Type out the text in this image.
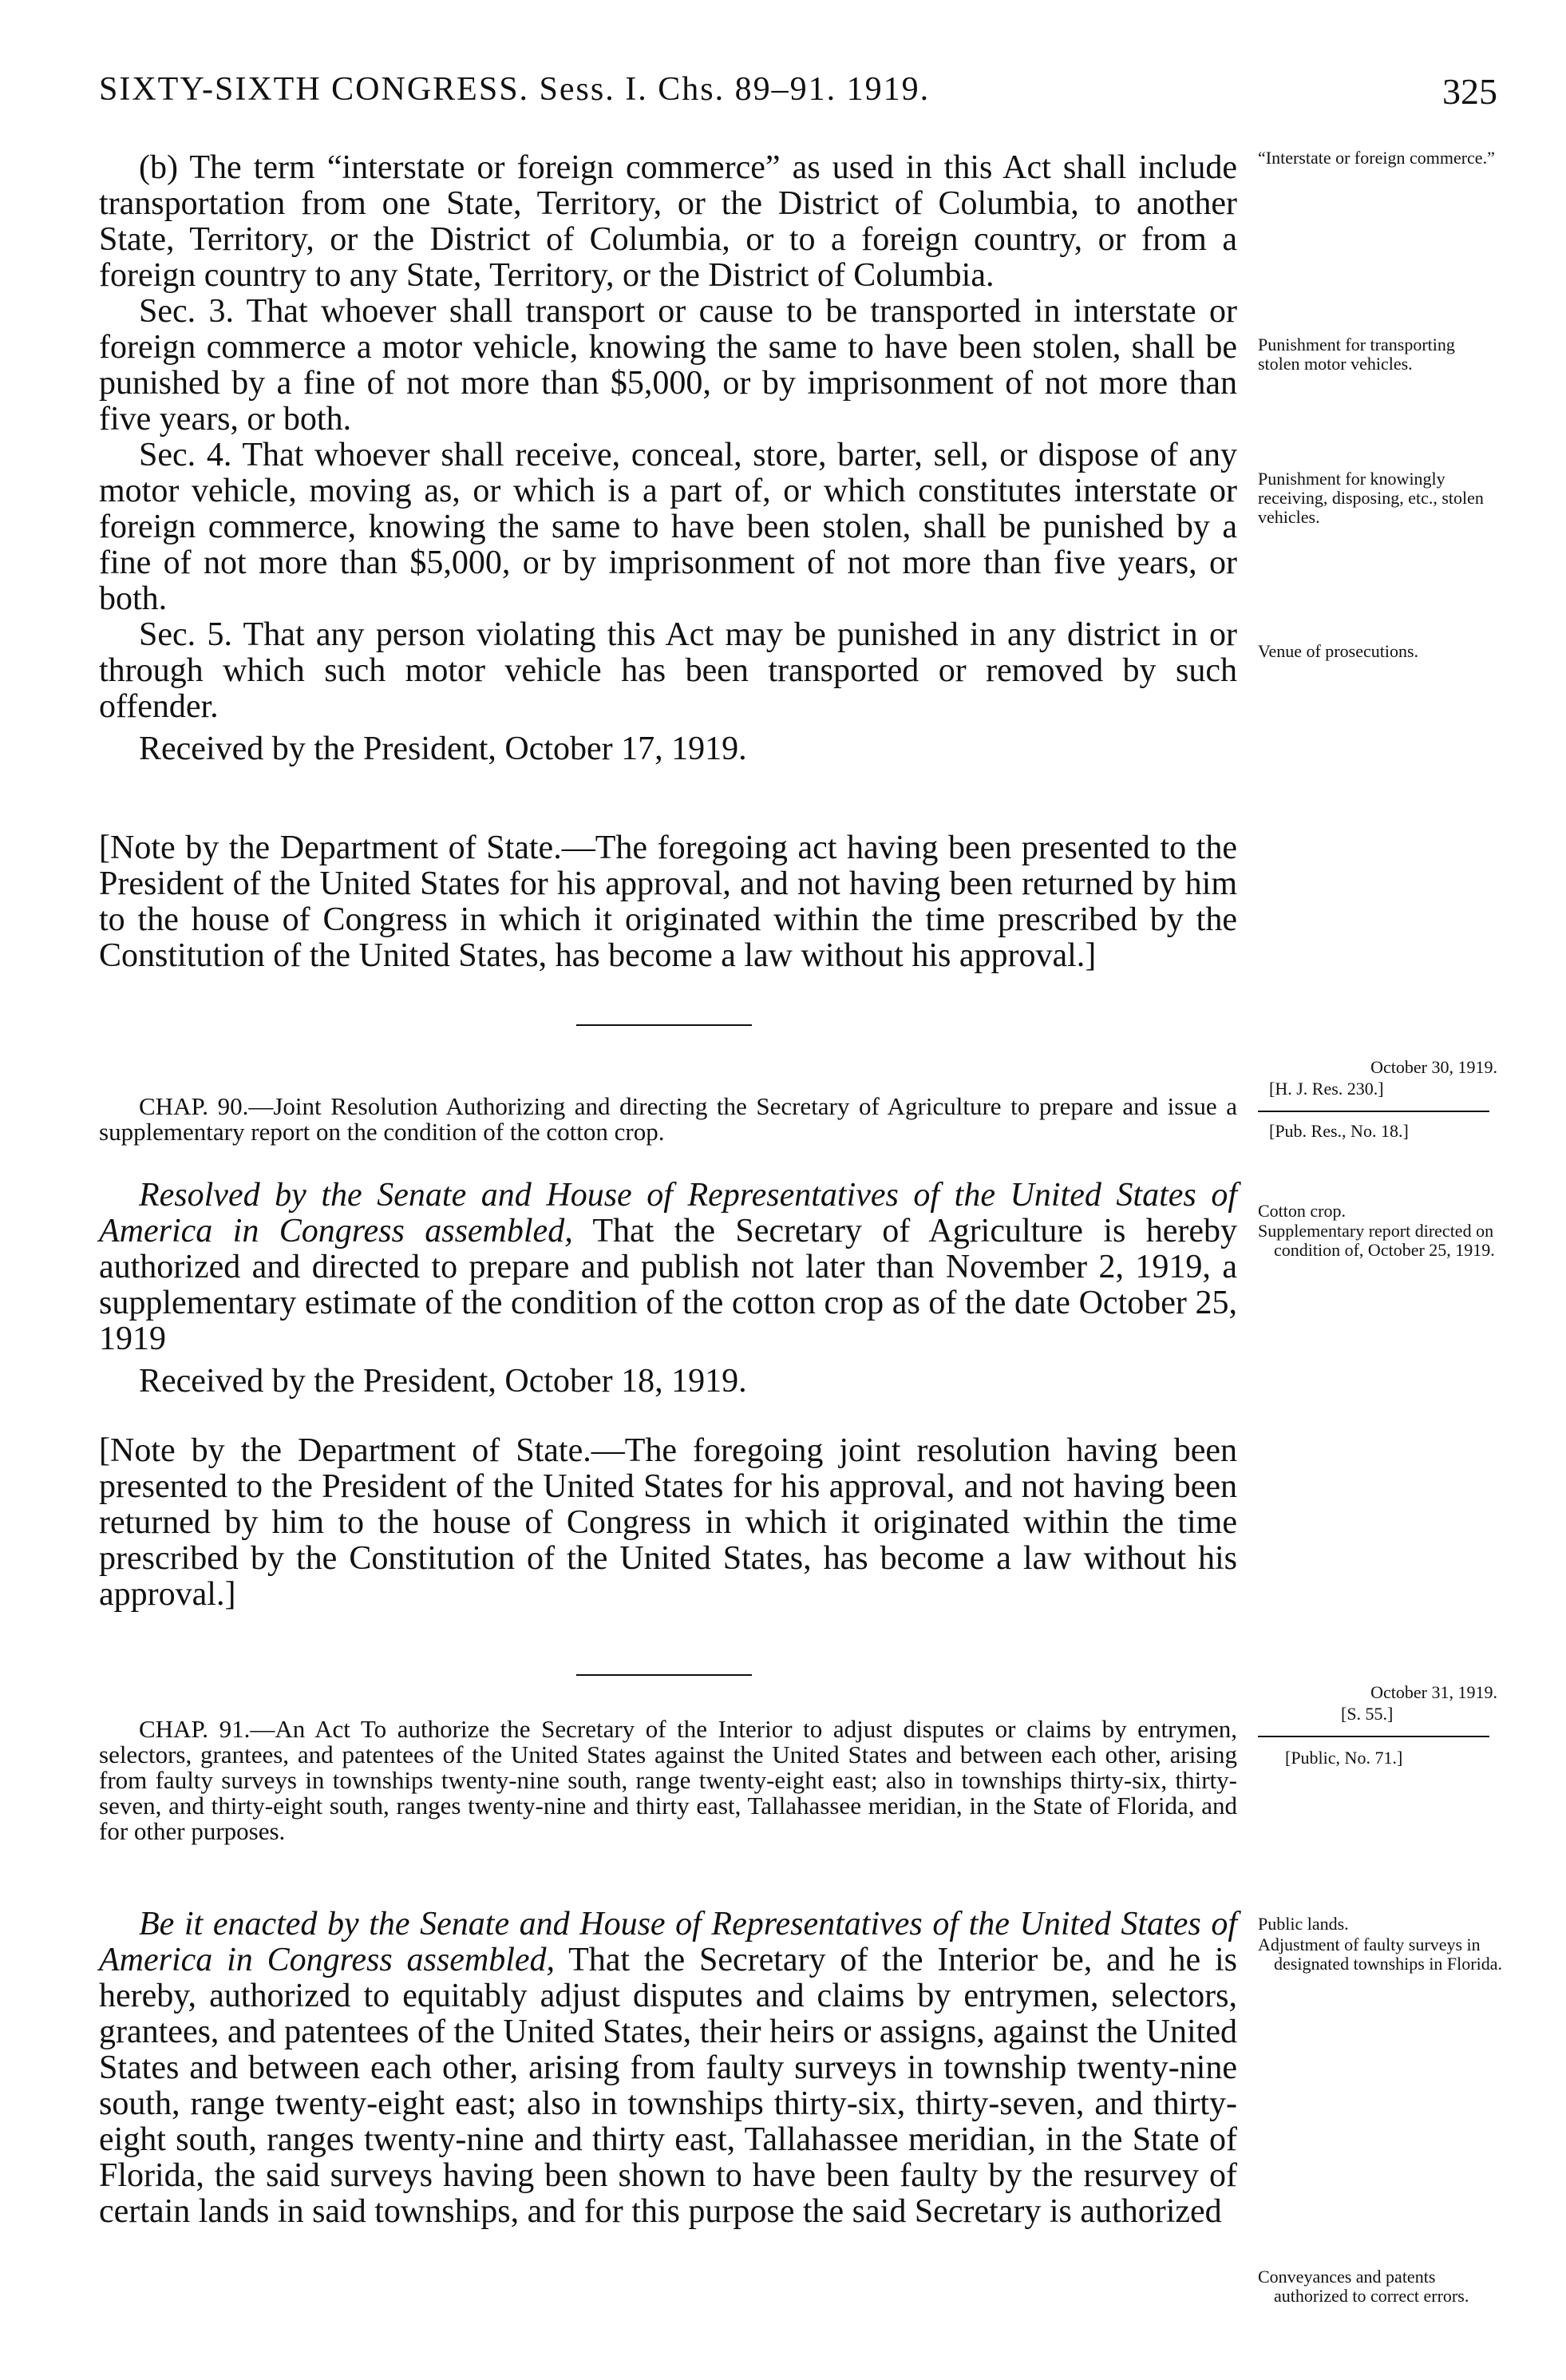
SIXTY-SIXTH CONGRESS. Sess. I. Chs. 89–91. 1919.	325

(b) The term “interstate or foreign commerce” as used in this Act shall include transportation from one State, Territory, or the District of Columbia, to another State, Territory, or the District of Columbia, or to a foreign country, or from a foreign country to any State, Territory, or the District of Columbia.

Sec. 3. That whoever shall transport or cause to be transported in interstate or foreign commerce a motor vehicle, knowing the same to have been stolen, shall be punished by a fine of not more than $5,000, or by imprisonment of not more than five years, or both.

Sec. 4. That whoever shall receive, conceal, store, barter, sell, or dispose of any motor vehicle, moving as, or which is a part of, or which constitutes interstate or foreign commerce, knowing the same to have been stolen, shall be punished by a fine of not more than $5,000, or by imprisonment of not more than five years, or both.

Sec. 5. That any person violating this Act may be punished in any district in or through which such motor vehicle has been transported or removed by such offender.

Received by the President, October 17, 1919.

“Interstate or foreign commerce.”
Punishment for transporting stolen motor vehicles.
Punishment for knowingly receiving, disposing, etc., stolen vehicles.
Venue of prosecutions.
[Note by the Department of State.—The foregoing act having been presented to the President of the United States for his approval, and not having been returned by him to the house of Congress in which it originated within the time prescribed by the Constitution of the United States, has become a law without his approval.]
October 30, 1919.
[H. J. Res. 230.]
[Pub. Res., No. 18.]
CHAP. 90.—Joint Resolution Authorizing and directing the Secretary of Agriculture to prepare and issue a supplementary report on the condition of the cotton crop.

Resolved by the Senate and House of Representatives of the United States of America in Congress assembled, That the Secretary of Agriculture is hereby authorized and directed to prepare and publish not later than November 2, 1919, a supplementary estimate of the condition of the cotton crop as of the date October 25, 1919

Received by the President, October 18, 1919.

Cotton crop.
Supplementary report directed on condition of, October 25, 1919.
[Note by the Department of State.—The foregoing joint resolution having been presented to the President of the United States for his approval, and not having been returned by him to the house of Congress in which it originated within the time prescribed by the Constitution of the United States, has become a law without his approval.]
October 31, 1919.
[S. 55.]
[Public, No. 71.]
CHAP. 91.—An Act To authorize the Secretary of the Interior to adjust disputes or claims by entrymen, selectors, grantees, and patentees of the United States against the United States and between each other, arising from faulty surveys in townships twenty-nine south, range twenty-eight east; also in townships thirty-six, thirty-seven, and thirty-eight south, ranges twenty-nine and thirty east, Tallahassee meridian, in the State of Florida, and for other purposes.

Be it enacted by the Senate and House of Representatives of the United States of America in Congress assembled, That the Secretary of the Interior be, and he is hereby, authorized to equitably adjust disputes and claims by entrymen, selectors, grantees, and patentees of the United States, their heirs or assigns, against the United States and between each other, arising from faulty surveys in township twenty-nine south, range twenty-eight east; also in townships thirty-six, thirty-seven, and thirty-eight south, ranges twenty-nine and thirty east, Tallahassee meridian, in the State of Florida, the said surveys having been shown to have been faulty by the resurvey of certain lands in said townships, and for this purpose the said Secretary is authorized

Public lands.
Adjustment of faulty surveys in designated townships in Florida.
Conveyances and patents authorized to correct errors.
